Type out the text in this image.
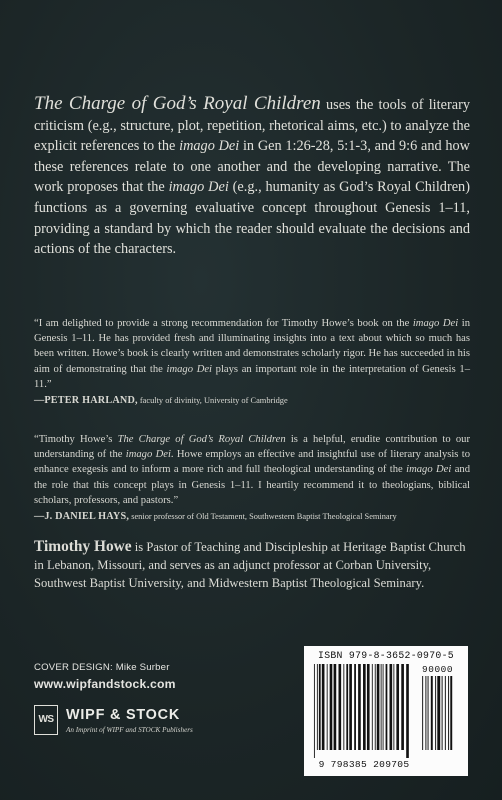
The Charge of God’s Royal Children uses the tools of literary criticism (e.g., structure, plot, repetition, rhetorical aims, etc.) to analyze the explicit references to the imago Dei in Gen 1:26-28, 5:1-3, and 9:6 and how these references relate to one another and the developing narrative. The work proposes that the imago Dei (e.g., humanity as God’s Royal Children) functions as a governing evaluative concept throughout Genesis 1–11, providing a standard by which the reader should evaluate the decisions and actions of the characters.
“I am delighted to provide a strong recommendation for Timothy Howe’s book on the imago Dei in Genesis 1–11. He has provided fresh and illuminating insights into a text about which so much has been written. Howe’s book is clearly written and demonstrates scholarly rigor. He has succeeded in his aim of demonstrating that the imago Dei plays an important role in the interpretation of Genesis 1–11.”
—PETER HARLAND, faculty of divinity, University of Cambridge
“Timothy Howe’s The Charge of God’s Royal Children is a helpful, erudite contribution to our understanding of the imago Dei. Howe employs an effective and insightful use of literary analysis to enhance exegesis and to inform a more rich and full theological understanding of the imago Dei and the role that this concept plays in Genesis 1–11. I heartily recommend it to theologians, biblical scholars, professors, and pastors.”
—J. DANIEL HAYS, senior professor of Old Testament, Southwestern Baptist Theological Seminary
Timothy Howe is Pastor of Teaching and Discipleship at Heritage Baptist Church in Lebanon, Missouri, and serves as an adjunct professor at Corban University, Southwest Baptist University, and Midwestern Baptist Theological Seminary.
COVER DESIGN: Mike Surber
www.wipfandstock.com
WS WIPF & STOCK
An Imprint of WIPF and STOCK Publishers
ISBN 979-8-3652-0970-5
90000
9 798385 209705
